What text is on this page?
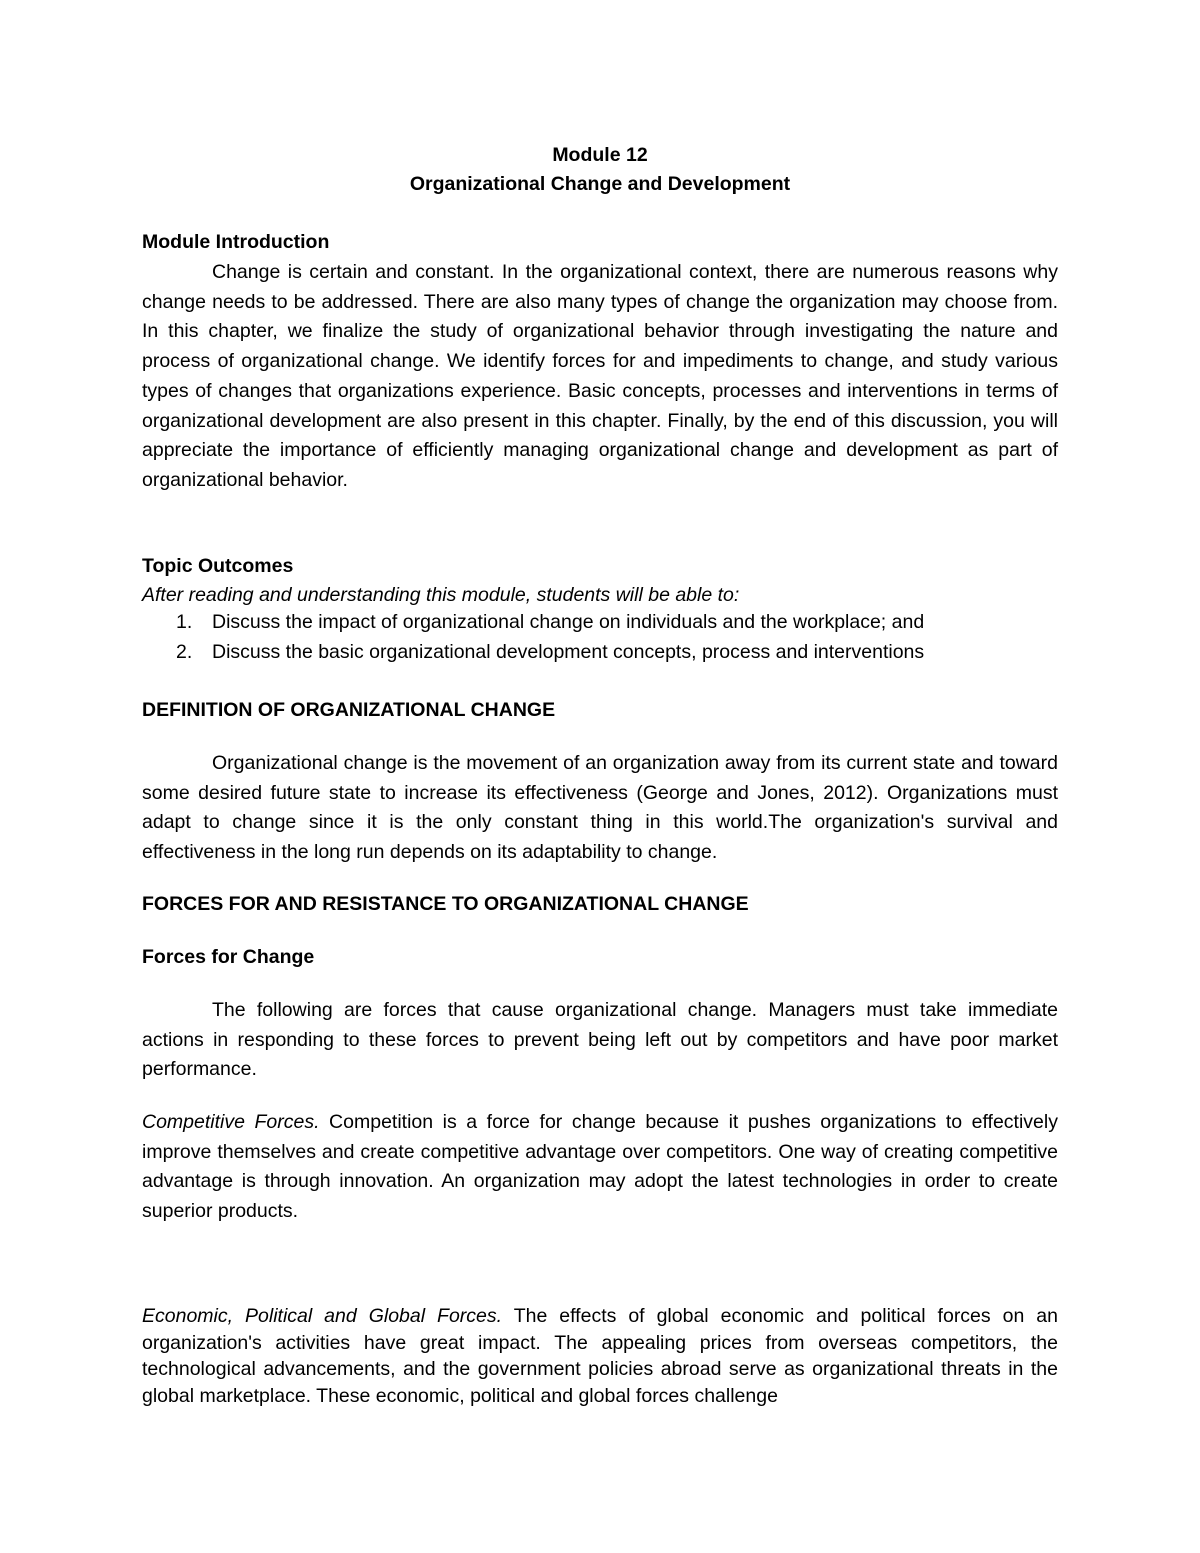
Module 12

Organizational Change and Development

Module Introduction

Change is certain and constant. In the organizational context, there are numerous reasons why change needs to be addressed. There are also many types of change the organization may choose from. In this chapter, we finalize the study of organizational behavior through investigating the nature and process of organizational change. We identify forces for and impediments to change, and study various types of changes that organizations experience. Basic concepts, processes and interventions in terms of organizational development are also present in this chapter. Finally, by the end of this discussion, you will appreciate the importance of efficiently managing organizational change and development as part of organizational behavior.

Topic Outcomes

After reading and understanding this module, students will be able to:

1. Discuss the impact of organizational change on individuals and the workplace; and
2. Discuss the basic organizational development concepts, process and interventions

DEFINITION OF ORGANIZATIONAL CHANGE

Organizational change is the movement of an organization away from its current state and toward some desired future state to increase its effectiveness (George and Jones, 2012). Organizations must adapt to change since it is the only constant thing in this world.The organization's survival and effectiveness in the long run depends on its adaptability to change.

FORCES FOR AND RESISTANCE TO ORGANIZATIONAL CHANGE

Forces for Change

The following are forces that cause organizational change. Managers must take immediate actions in responding to these forces to prevent being left out by competitors and have poor market performance.

Competitive Forces. Competition is a force for change because it pushes organizations to effectively improve themselves and create competitive advantage over competitors. One way of creating competitive advantage is through innovation. An organization may adopt the latest technologies in order to create superior products.

Economic, Political and Global Forces. The effects of global economic and political forces on an organization's activities have great impact. The appealing prices from overseas competitors, the technological advancements, and the government policies abroad serve as organizational threats in the global marketplace. These economic, political and global forces challenge
